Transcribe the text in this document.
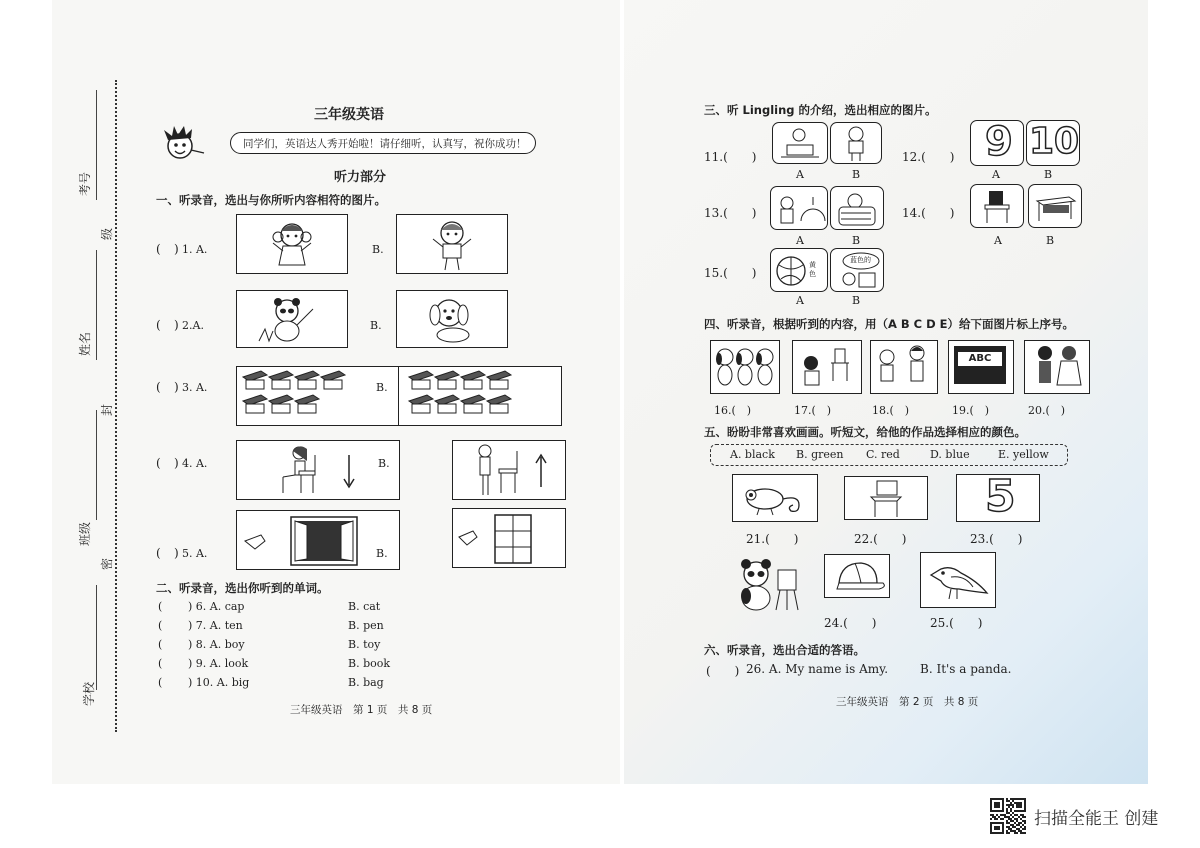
考号
级
姓名
封
班级
密
学校
三年级英语
同学们，英语达人秀开始啦！请仔细听，认真写，祝你成功！
听力部分
一、听录音，选出与你所听内容相符的图片。
二、听录音，选出你听到的单词。
三年级英语　第 1 页　共 8 页
( ) 1. A.	B.
( ) 2.A.	B.
( ) 3. A.	B.
( ) 4. A.	B.
( ) 5. A.	B.
( ) 6. A. cap	B. cat
( ) 7. A. ten	B. pen
( ) 8. A. boy	B. toy
( ) 9. A. look	B. book
( ) 10. A. big	B. bag
三、听 Lingling 的介绍，选出相应的图片。
11.(　　)	12.(　　)
13.(　　)	14.(　　)
15.(　　)
A	B
9 10
A	B
A	B	A	B
黄色
蓝色的
A	B
四、听录音，根据听到的内容，用（A B C D E）给下面图片标上序号。
ABC
五、盼盼非常喜欢画画。听短文，给他的作品选择相应的颜色。
5
21.(　　)	22.(　　)	23.(　　)
24.(　　)	25.(　　)
六、听录音，选出合适的答语。
(　　) 26. A. My name is Amy.	B. It's a panda.
三年级英语　第 2 页　共 8 页
16.(　)	17.(　)	18.(　)	19.(　)	20.(　)
A. black B. green C. red	D. blue	E. yellow
扫描全能王 创建
